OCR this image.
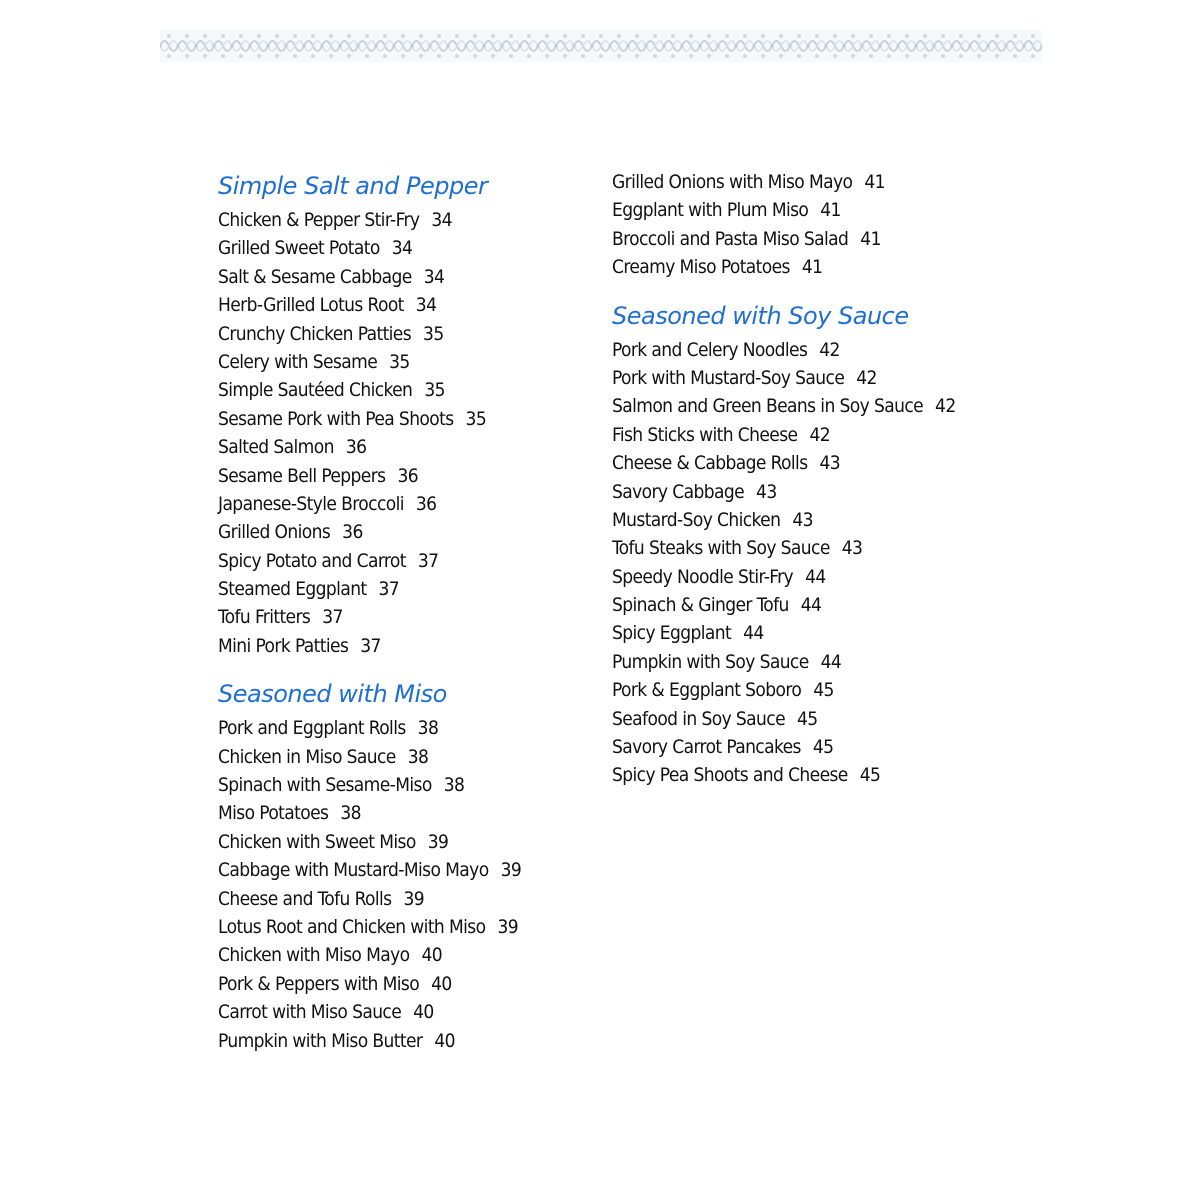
Simple Salt and Pepper
Chicken & Pepper Stir-Fry 34
Grilled Sweet Potato 34
Salt & Sesame Cabbage 34
Herb-Grilled Lotus Root 34
Crunchy Chicken Patties 35
Celery with Sesame 35
Simple Sautéed Chicken 35
Sesame Pork with Pea Shoots 35
Salted Salmon 36
Sesame Bell Peppers 36
Japanese-Style Broccoli 36
Grilled Onions 36
Spicy Potato and Carrot 37
Steamed Eggplant 37
Tofu Fritters 37
Mini Pork Patties 37
Seasoned with Miso
Pork and Eggplant Rolls 38
Chicken in Miso Sauce 38
Spinach with Sesame-Miso 38
Miso Potatoes 38
Chicken with Sweet Miso 39
Cabbage with Mustard-Miso Mayo 39
Cheese and Tofu Rolls 39
Lotus Root and Chicken with Miso 39
Chicken with Miso Mayo 40
Pork & Peppers with Miso 40
Carrot with Miso Sauce 40
Pumpkin with Miso Butter 40
Grilled Onions with Miso Mayo 41
Eggplant with Plum Miso 41
Broccoli and Pasta Miso Salad 41
Creamy Miso Potatoes 41
Seasoned with Soy Sauce
Pork and Celery Noodles 42
Pork with Mustard-Soy Sauce 42
Salmon and Green Beans in Soy Sauce 42
Fish Sticks with Cheese 42
Cheese & Cabbage Rolls 43
Savory Cabbage 43
Mustard-Soy Chicken 43
Tofu Steaks with Soy Sauce 43
Speedy Noodle Stir-Fry 44
Spinach & Ginger Tofu 44
Spicy Eggplant 44
Pumpkin with Soy Sauce 44
Pork & Eggplant Soboro 45
Seafood in Soy Sauce 45
Savory Carrot Pancakes 45
Spicy Pea Shoots and Cheese 45
